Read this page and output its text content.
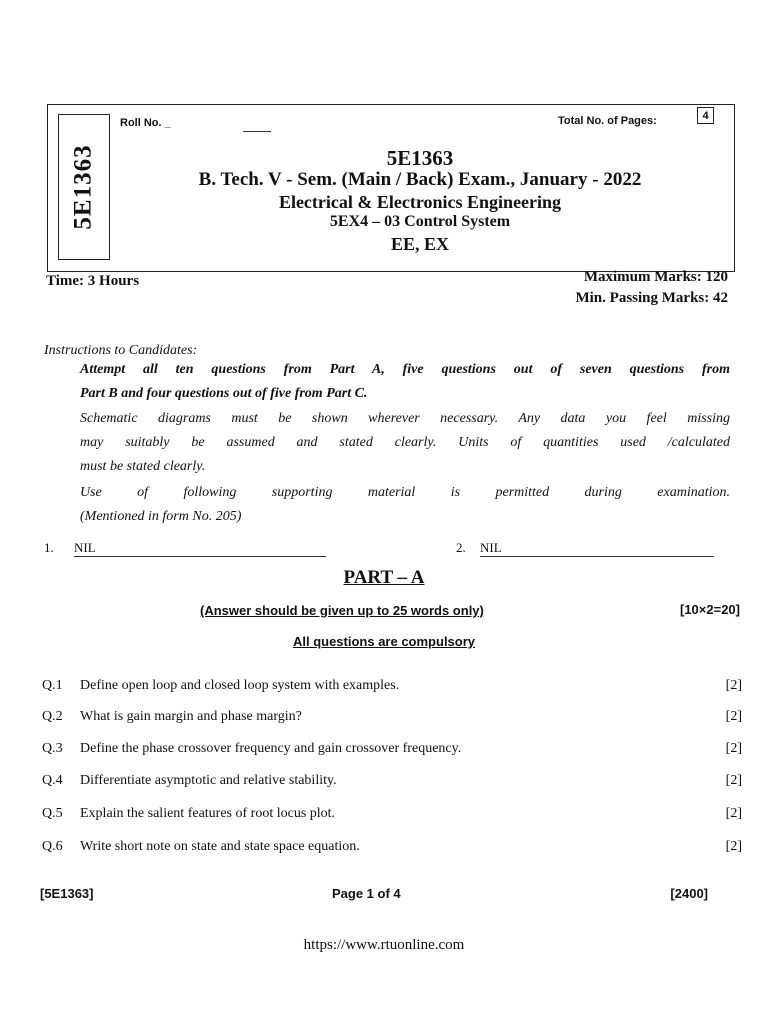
5E1363
Roll No. _	Total No. of Pages:	4
5E1363
B. Tech. V - Sem. (Main / Back) Exam., January - 2022
Electrical & Electronics Engineering
5EX4 – 03 Control System
EE, EX
Time: 3 Hours	Maximum Marks: 120
Min. Passing Marks: 42
Instructions to Candidates:
Attempt all ten questions from Part A, five questions out of seven questions from
Part B and four questions out of five from Part C.
Schematic diagrams must be shown wherever necessary. Any data you feel missing
may suitably be assumed and stated clearly. Units of quantities used /calculated
must be stated clearly.
Use of following supporting material is permitted during examination.
(Mentioned in form No. 205)
1. NIL	2. NIL
PART – A
(Answer should be given up to 25 words only)	[10×2=20]
All questions are compulsory
Q.1 Define open loop and closed loop system with examples.	[2]
Q.2 What is gain margin and phase margin?	[2]
Q.3 Define the phase crossover frequency and gain crossover frequency.	[2]
Q.4 Differentiate asymptotic and relative stability.	[2]
Q.5 Explain the salient features of root locus plot.	[2]
Q.6 Write short note on state and state space equation.	[2]
[5E1363]	Page 1 of 4	[2400]
https://www.rtuonline.com
